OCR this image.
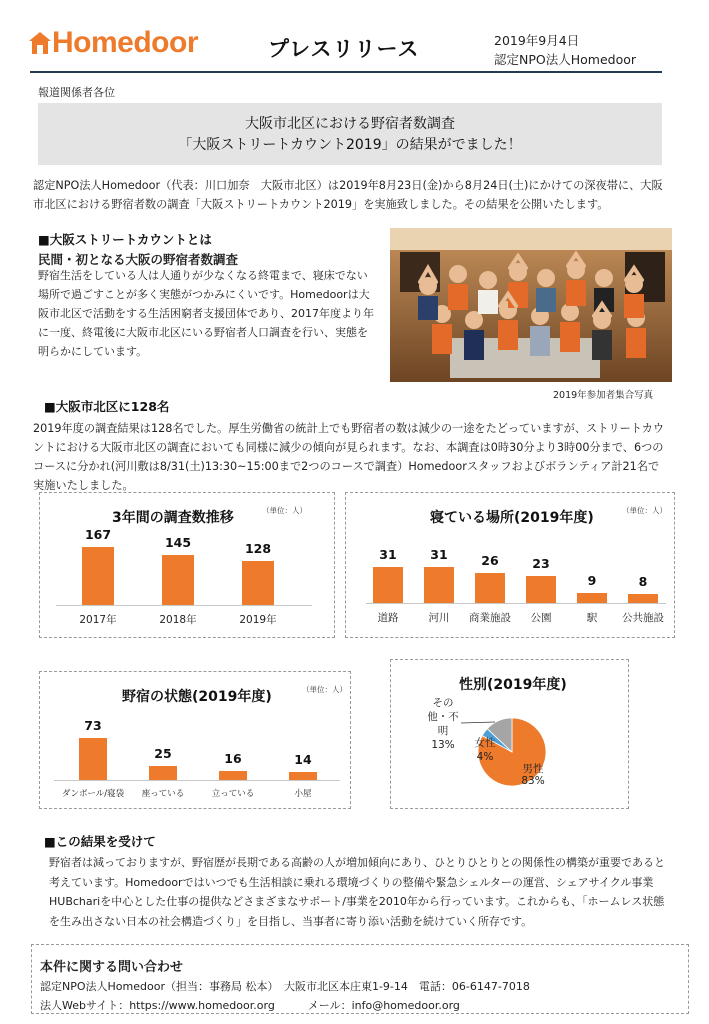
Homedoor	プレスリリース	2019年9月4日
認定NPO法人Homedoor
報道関係者各位
大阪市北区における野宿者数調査
「大阪ストリートカウント2019」の結果がでました！
認定NPO法人Homedoor（代表：川口加奈　大阪市北区）は2019年8月23日(金)から8月24日(土)にかけての深夜帯に、大阪市北区における野宿者数の調査「大阪ストリートカウント2019」を実施致しました。その結果を公開いたします。
■大阪ストリートカウントとは
民間・初となる大阪の野宿者数調査
野宿生活をしている人は人通りが少なくなる終電まで、寝床でない場所で過ごすことが多く実態がつかみにくいです。Homedoorは大阪市北区で活動をする生活困窮者支援団体であり、2017年度より年に一度、終電後に大阪市北区にいる野宿者人口調査を行い、実態を明らかにしています。
2019年参加者集合写真
■大阪市北区に128名
2019年度の調査結果は128名でした。厚生労働省の統計上でも野宿者の数は減少の一途をたどっていますが、ストリートカウントにおける大阪市北区の調査においても同様に減少の傾向が見られます。なお、本調査は0時30分より3時00分まで、6つのコースに分かれ(河川敷は8/31(土)13:30~15:00まで2つのコースで調査）Homedoorスタッフおよびボランティア計21名で実施いたしました。
3年間の調査数推移	（単位：人）
167
2017年
145
2018年
128
2019年
寝ている場所(2019年度)	（単位：人）
31
道路
31
河川
26
商業施設
23
公園
9
駅
8
公共施設
野宿の状態(2019年度)	（単位：人）
73
ダンボール/寝袋
25
座っている
16
立っている
14
小屋
性別(2019年度)
男性 83%
女性 4%
その他・不明 13%
■この結果を受けて
野宿者は減っておりますが、野宿歴が長期である高齢の人が増加傾向にあり、ひとりひとりとの関係性の構築が重要であると考えています。Homedoorではいつでも生活相談に乗れる環境づくりの整備や緊急シェルターの運営、シェアサイクル事業HUBchariを中心とした仕事の提供などさまざまなサポート/事業を2010年から行っています。これからも、「ホームレス状態を生み出さない日本の社会構造づくり」を目指し、当事者に寄り添い活動を続けていく所存です。
本件に関する問い合わせ
認定NPO法人Homedoor（担当：事務局 松本）　大阪市北区本庄東1-9-14　電話：06-6147-7018
法人Webサイト：https://www.homedoor.org　　　メール：info@homedoor.org
